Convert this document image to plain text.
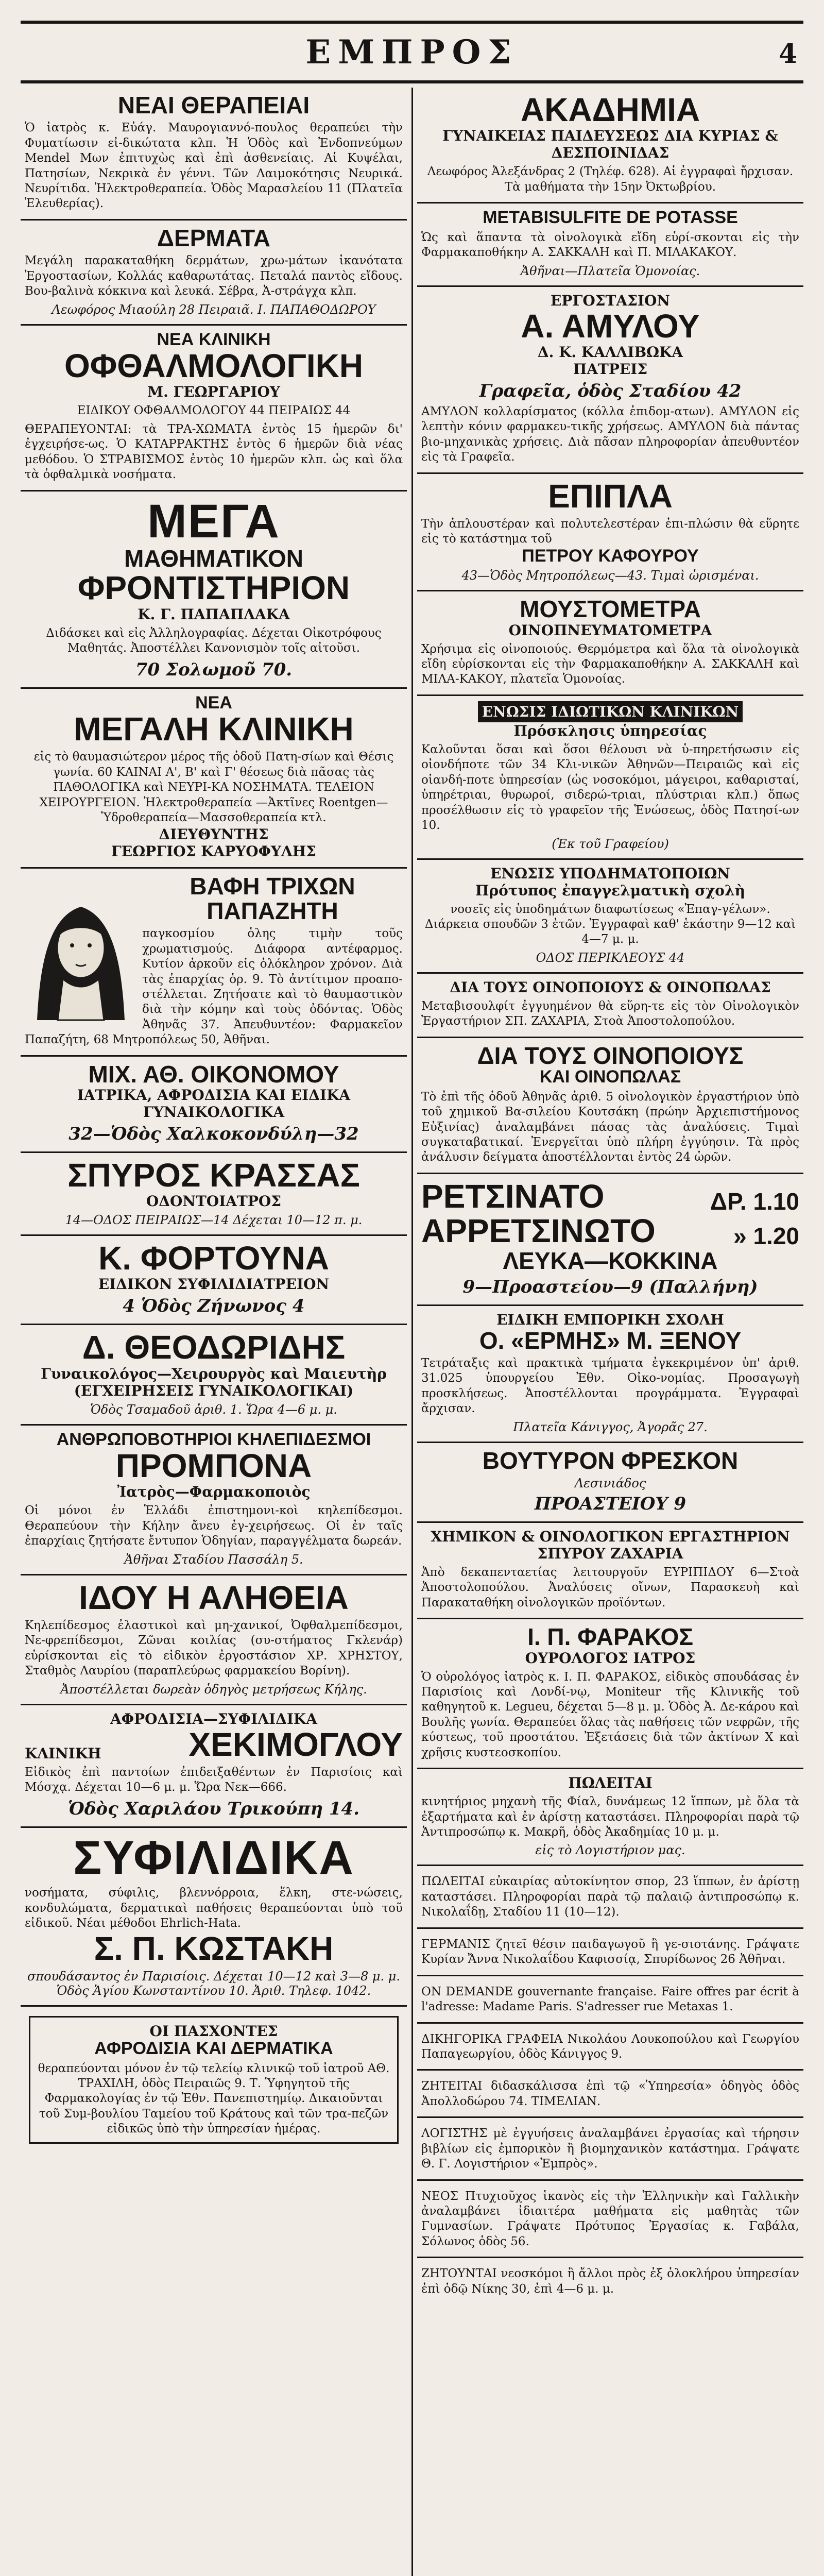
ΕΜΠΡΟΣ	4
ΝΕΑΙ ΘΕΡΑΠΕΙΑΙ
Ὁ ἰατρὸς κ. Εὐάγ. Μαυρογιαννό-πουλος θεραπεύει τὴν Φυματίωσιν εἰ-δικώτατα κλπ. Ἡ Ὁδὸς καὶ Ἐνδοπνεύμων Mendel Μων ἐπιτυχὼς καὶ ἐπὶ ἀσθενείαις. Αἱ Κυψέλαι, Πατησίων, Νεκρικὰ ἐν γέννι. Τῶν Λαιμοκότησις Νευρικά. Νευρίτιδα. Ἠλεκτροθεραπεία. Ὁδὸς Μαρασλείου 11 (Πλατεῖα Ἐλευθερίας).
ΔΕΡΜΑΤΑ
Μεγάλη παρακαταθήκη δερμάτων, χρω-μάτων ἱκανότατα Ἐργοστασίων, Κολλάς καθαρωτάτας. Πεταλά παντὸς εἴδους. Βου-βαλινὰ κόκκινα καὶ λευκά. Σέβρα, Ἀ-στράγχα κλπ.
Λεωφόρος Μιαούλη 28 Πειραιᾶ. Ι. ΠΑΠΑΘΟΔΩΡΟΥ
ΝΕΑ ΚΛΙΝΙΚΗ
ΟΦΘΑΛΜΟΛΟΓΙΚΗ
Μ. ΓΕΩΡΓΑΡΙΟΥ
ΕΙΔΙΚΟΥ ΟΦΘΑΛΜΟΛΟΓΟΥ 44 ΠΕΙΡΑΙΩΣ 44
ΘΕΡΑΠΕΥΟΝΤΑΙ: τὰ ΤΡΑ-ΧΩΜΑΤΑ ἐντὸς 15 ἡμερῶν δι' ἐγχειρήσε-ως. Ὁ ΚΑΤΑΡΡΑΚΤΗΣ ἐντὸς 6 ἡμερῶν διὰ νέας μεθόδου. Ὁ ΣΤΡΑΒΙΣΜΟΣ ἐντὸς 10 ἡμερῶν κλπ. ὡς καὶ ὅλα τὰ ὀφθαλμικὰ νοσήματα.
ΜΕΓΑ
ΜΑΘΗΜΑΤΙΚΟΝ
ΦΡΟΝΤΙΣΤΗΡΙΟΝ
Κ. Γ. ΠΑΠΑΠΛΑΚΑ
Διδάσκει καὶ εἰς Ἀλληλογραφίας. Δέχεται Οἰκοτρόφους Μαθητάς. Ἀποστέλλει Κανονισμὸν τοῖς αἰτοῦσι.
70 Σολωμοῦ 70.
ΝΕΑ
ΜΕΓΑΛΗ ΚΛΙΝΙΚΗ
εἰς τὸ θαυμασιώτερον μέρος τῆς ὁδοῦ Πατη-σίων καὶ Θέσις γωνία. 60 ΚΑΙΝΑΙ Α', Β' καὶ Γ' θέσεως διὰ πᾶσας τὰς ΠΑΘΟΛΟΓΙΚΑ καὶ ΝΕΥΡΙ-ΚΑ ΝΟΣΗΜΑΤΑ. ΤΕΛΕΙΟΝ ΧΕΙΡΟΥΡΓΕΙΟΝ. Ἠλεκτροθεραπεία —Ἀκτῖνες Roentgen— Ὑδροθεραπεία—Μασσοθεραπεία κτλ.
ΔΙΕΥΘΥΝΤΗΣ
ΓΕΩΡΓΙΟΣ ΚΑΡΥΟΦΥΛΗΣ
ΒΑΦΗ ΤΡΙΧΩΝ
ΠΑΠΑΖΗΤΗ
παγκοσμίου ὁλης τιμὴν τοῦς χρωματισμούς. Διάφορα αντέφαρμος. Κυτίον ἀρκοῦν εἰς ὁλόκληρον χρόνον. Διὰ τὰς ἐπαρχίας ὁρ. 9. Τὸ ἀντίτιμον προαπο-στέλλεται. Ζητήσατε καὶ τὸ θαυμαστικὸν διὰ τὴν κόμην καὶ τοὺς ὀδόντας. Ὁδὸς Ἀθηνᾶς 37. Ἀπευθυντέον: Φαρμακεῖον Παπαζήτη, 68 Μητροπόλεως 50, Ἀθῆναι.
ΜΙΧ. ΑΘ. ΟΙΚΟΝΟΜΟΥ
ΙΑΤΡΙΚΑ, ΑΦΡΟΔΙΣΙΑ ΚΑΙ ΕΙΔΙΚΑ ΓΥΝΑΙΚΟΛΟΓΙΚΑ
32—Ὁδὸς Χαλκοκονδύλη—32
ΣΠΥΡΟΣ ΚΡΑΣΣΑΣ
ΟΔΟΝΤΟΙΑΤΡΟΣ
14—ΟΔΟΣ ΠΕΙΡΑΙΩΣ—14 Δέχεται 10—12 π. μ.
Κ. ΦΟΡΤΟΥΝΑ
ΕΙΔΙΚΟΝ ΣΥΦΙΛΙΔΙΑΤΡΕΙΟΝ
4 Ὁδὸς Ζήνωνος 4
Δ. ΘΕΟΔΩΡΙΔΗΣ
Γυναικολόγος—Χειρουργὸς καὶ Μαιευτὴρ (ΕΓΧΕΙΡΗΣΕΙΣ ΓΥΝΑΙΚΟΛΟΓΙΚΑΙ)
Ὁδὸς Τσαμαδοῦ ἀριθ. 1. Ὥρα 4—6 μ. μ.
ΑΝΘΡΩΠΟΒΟΤΗΡΙΟΙ ΚΗΛΕΠΙΔΕΣΜΟΙ
ΠΡΟΜΠΟΝΑ
Ἰατρὸς—Φαρμακοποιὸς
Οἱ μόνοι ἐν Ἑλλάδι ἐπιστημονι-κοὶ κηλεπίδεσμοι. Θεραπεύουν τὴν Κήλην ἄνευ ἐγ-χειρήσεως. Οἱ ἐν ταῖς ἐπαρχίαις ζητήσατε ἔντυπον Ὁδηγίαν, παραγγέλματα δωρεάν.
Ἀθῆναι Σταδίου Πασσάλη 5.
ΙΔΟΥ Η ΑΛΗΘΕΙΑ
Κηλεπίδεσμος ἐλαστικοὶ καὶ μη-χανικοί, Ὀφθαλμεπίδεσμοι, Νε-φρεπίδεσμοι, Ζῶναι κοιλίας (συ-στήματος Γκλενάρ) εὑρίσκονται εἰς τὸ εἰδικὸν ἐργοστάσιον ΧΡ. ΧΡΗΣΤΟΥ, Σταθμὸς Λαυρίου (παραπλεύρως φαρμακείου Βορίνη).
Ἀποστέλλεται δωρεὰν ὁδηγὸς μετρήσεως Κήλης.
ΑΦΡΟΔΙΣΙΑ—ΣΥΦΙΛΙΔΙΚΑ
ΚΛΙΝΙΚΗ	ΧΕΚΙΜΟΓΛΟΥ
Εἰδικὸς ἐπὶ παντοίων ἐπιδειξαθέντων ἐν Παρισίοις καὶ Μόσχᾳ. Δέχεται 10—6 μ. μ. Ὥρα Νεκ—666.
Ὁδὸς Χαριλάου Τρικούπη 14.
ΣΥΦΙΛΙΔΙΚΑ
νοσήματα, σύφιλις, βλεννόρροια, ἕλκη, στε-νώσεις, κονδυλώματα, δερματικαὶ παθήσεις θεραπεύονται ὑπὸ τοῦ εἰδικοῦ. Νέαι μέθοδοι Ehrlich-Hata.
Σ. Π. ΚΩΣΤΑΚΗ
σπουδάσαντος ἐν Παρισίοις. Δέχεται 10—12 καὶ 3—8 μ. μ. Ὁδὸς Ἁγίου Κωνσταντίνου 10. Ἀριθ. Τηλεφ. 1042.
ΟΙ ΠΑΣΧΟΝΤΕΣ
ΑΦΡΟΔΙΣΙΑ ΚΑΙ ΔΕΡΜΑΤΙΚΑ
θεραπεύονται μόνον ἐν τῷ τελείῳ κλινικῷ τοῦ ἰατροῦ ΑΘ. ΤΡΑΧΙΛΗ, ὁδὸς Πειραιῶς 9. Τ. Ὑφηγητοῦ τῆς Φαρμακολογίας ἐν τῷ Ἐθν. Πανεπιστημίῳ. Δικαιοῦνται τοῦ Συμ-βουλίου Ταμείου τοῦ Κράτους καὶ τῶν τρα-πεζῶν εἰδικῶς ὑπὸ τὴν ὑπηρεσίαν ἡμέρας.
ΑΚΑΔΗΜΙΑ
ΓΥΝΑΙΚΕΙΑΣ ΠΑΙΔΕΥΣΕΩΣ ΔΙΑ ΚΥΡΙΑΣ & ΔΕΣΠΟΙΝΙΔΑΣ
Λεωφόρος Ἀλεξάνδρας 2 (Τηλέφ. 628). Αἱ ἐγγραφαὶ ἤρχισαν. Τὰ μαθήματα τὴν 15ην Ὀκτωβρίου.
METABISULFITE DE POTASSE
Ὡς καὶ ἅπαντα τὰ οἰνολογικὰ εἴδη εὑρί-σκονται εἰς τὴν Φαρμακαποθήκην Α. ΣΑΚΚΑΛΗ καὶ Π. ΜΙΛΑΚΑΚΟΥ.
Ἀθῆναι—Πλατεῖα Ὁμονοίας.
ΕΡΓΟΣΤΑΣΙΟΝ
Α. ΑΜΥΛΟΥ
Δ. Κ. ΚΑΛΛΙΒΩΚΑ
ΠΑΤΡΕΙΣ
Γραφεῖα, ὁδὸς Σταδίου 42
ΑΜΥΛΟΝ κολλαρίσματος (κόλλα ἐπιδομ-ατων). ΑΜΥΛΟΝ εἰς λεπτὴν κόνιν φαρμακευ-τικῆς χρήσεως. ΑΜΥΛΟΝ διὰ πάντας βιο-μηχανικὰς χρήσεις. Διὰ πᾶσαν πληροφορίαν ἀπευθυντέον εἰς τὰ Γραφεῖα.
ΕΠΙΠΛΑ
Τὴν ἁπλουστέραν καὶ πολυτελεστέραν ἐπι-πλώσιν θὰ εὕρητε εἰς τὸ κατάστημα τοῦ
ΠΕΤΡΟΥ ΚΑΦΟΥΡΟΥ
43—Ὁδὸς Μητροπόλεως—43. Τιμαὶ ὡρισμέναι.
ΜΟΥΣΤΟΜΕΤΡΑ
ΟΙΝΟΠΝΕΥΜΑΤΟΜΕΤΡΑ
Χρήσιμα εἰς οἰνοποιούς. Θερμόμετρα καὶ ὅλα τὰ οἰνολογικὰ εἴδη εὑρίσκονται εἰς τὴν Φαρμακαποθήκην Α. ΣΑΚΚΑΛΗ καὶ ΜΙΛΑ-ΚΑΚΟΥ, πλατεῖα Ὁμονοίας.
ΕΝΩΣΙΣ ΙΔΙΩΤΙΚΩΝ ΚΛΙΝΙΚΩΝ
Πρόσκλησις ὑπηρεσίας
Καλοῦνται ὅσαι καὶ ὅσοι θέλουσι νὰ ὑ-πηρετήσωσιν εἰς οἰονδήποτε τῶν 34 Κλι-νικῶν Ἀθηνῶν—Πειραιῶς καὶ εἰς οἱανδή-ποτε ὑπηρεσίαν (ὡς νοσοκόμοι, μάγειροι, καθαρισταί, ὑπηρέτριαι, θυρωροί, σιδερώ-τριαι, πλύστριαι κλπ.) ὅπως προσέλθωσιν εἰς τὸ γραφεῖον τῆς Ἑνώσεως, ὁδὸς Πατησί-ων 10.
(Ἐκ τοῦ Γραφείου)
ΕΝΩΣΙΣ ΥΠΟΔΗΜΑΤΟΠΟΙΩΝ
Πρότυπος ἐπαγγελματικὴ σχολὴ
νοσεῖς εἰς ὑποδημάτων διαφωτίσεως «Ἐπαγ-γέλων». Διάρκεια σπουδῶν 3 ἐτῶν. Ἐγγραφαὶ καθ' ἑκάστην 9—12 καὶ 4—7 μ. μ.
ΟΔΟΣ ΠΕΡΙΚΛΕΟΥΣ 44
ΔΙΑ ΤΟΥΣ ΟΙΝΟΠΟΙΟΥΣ & ΟΙΝΟΠΩΛΑΣ
Μεταβισουλφίτ ἐγγυημένον θὰ εὕρη-τε εἰς τὸν Οἰνολογικὸν Ἐργαστήριον ΣΠ. ΖΑΧΑΡΙΑ, Στοὰ Ἀποστολοπούλου.
ΔΙΑ ΤΟΥΣ ΟΙΝΟΠΟΙΟΥΣ
ΚΑΙ ΟΙΝΟΠΩΛΑΣ
Τὸ ἐπὶ τῆς ὁδοῦ Ἀθηνᾶς ἀριθ. 5 οἰνολογικὸν ἐργαστήριον ὑπὸ τοῦ χημικοῦ Βα-σιλείου Κουτσάκη (πρώην Ἀρχιεπιστήμονος Εὐξινίας) ἀναλαμβάνει πάσας τὰς ἀναλύσεις. Τιμαὶ συγκαταβατικαί. Ἐνεργεῖται ὑπὸ πλήρη ἐγγύησιν. Τὰ πρὸς ἀνάλυσιν δείγματα ἀποστέλλονται ἐντὸς 24 ὡρῶν.
ΡΕΤΣΙΝΑΤΟ	ΔΡ. 1.10
ΑΡΡΕΤΣΙΝΩΤΟ	» 1.20
ΛΕΥΚΑ—ΚΟΚΚΙΝΑ
9—Προαστείου—9 (Παλλήνη)
ΕΙΔΙΚΗ ΕΜΠΟΡΙΚΗ ΣΧΟΛΗ
Ο. «ΕΡΜΗΣ» Μ. ΞΕΝΟΥ
Τετράταξις καὶ πρακτικὰ τμήματα ἐγκεκριμένον ὑπ' ἀριθ. 31.025 ὑπουργείου Ἐθν. Οἰκο-νομίας. Προσαγωγὴ προσκλήσεως. Ἀποστέλλονται προγράμματα. Ἐγγραφαὶ ἄρχισαν.
Πλατεῖα Κάνιγγος, Ἀγορᾶς 27.
ΒΟΥΤΥΡΟΝ ΦΡΕΣΚΟΝ
Λεσινιάδος
ΠΡΟΑΣΤΕΙΟΥ 9
ΧΗΜΙΚΟΝ & ΟΙΝΟΛΟΓΙΚΟΝ ΕΡΓΑΣΤΗΡΙΟΝ
ΣΠΥΡΟΥ ΖΑΧΑΡΙΑ
Ἀπὸ δεκαπενταετίας λειτουργοῦν ΕΥΡΙΠΙΔΟΥ 6—Στοὰ Ἀποστολοπούλου. Ἀναλύσεις οἴνων, Παρασκευὴ καὶ Παρακαταθήκη οἰνολογικῶν προϊόντων.
Ι. Π. ΦΑΡΑΚΟΣ
ΟΥΡΟΛΟΓΟΣ ΙΑΤΡΟΣ
Ὁ οὐρολόγος ἰατρὸς κ. Ι. Π. ΦΑΡΑΚΟΣ, εἰδικὸς σπουδάσας ἐν Παρισίοις καὶ Λονδί-νῳ, Moniteur τῆς Κλινικῆς τοῦ καθηγητοῦ κ. Legueu, δέχεται 5—8 μ. μ. Ὁδὸς Ἀ. Δε-κάρου καὶ Βουλῆς γωνία. Θεραπεύει ὅλας τὰς παθήσεις τῶν νεφρῶν, τῆς κύστεως, τοῦ προστάτου. Ἐξετάσεις διὰ τῶν ἀκτίνων Χ καὶ χρῆσις κυστεοσκοπίου.
ΠΩΛΕΙΤΑΙ
κινητήριος μηχανὴ τῆς Φίαλ, δυνάμεως 12 ἵππων, μὲ ὅλα τὰ ἐξαρτήματα καὶ ἐν ἀρίστῃ καταστάσει. Πληροφορίαι παρὰ τῷ Ἀντιπροσώπῳ κ. Μακρῆ, ὁδὸς Ἀκαδημίας 10 μ. μ.
εἰς τὸ Λογιστήριον μας.
ΠΩΛΕΙΤΑΙ εὐκαιρίας αὐτοκίνητον σπορ, 23 ἵππων, ἐν ἀρίστῃ καταστάσει. Πληροφορίαι παρὰ τῷ παλαιῷ ἀντιπροσώπῳ κ. Νικολαΐδῃ, Σταδίου 11 (10—12).
ΓΕΡΜΑΝΙΣ ζητεῖ θέσιν παιδαγωγοῦ ἢ γε-σιοτάνης. Γράψατε Κυρίαν Ἄννα Νικολαΐδου Καφισσίᾳ, Σπυρίδωνος 26 Ἀθῆναι.
ON DEMANDE gouvernante française. Faire offres par écrit à l'adresse: Madame Paris. S'adresser rue Metaxas 1.
ΔΙΚΗΓΟΡΙΚΑ ΓΡΑΦΕΙΑ Νικολάου Λουκοπούλου καὶ Γεωργίου Παπαγεωργίου, ὁδὸς Κάνιγγος 9.
ΖΗΤΕΙΤΑΙ διδασκάλισσα ἐπὶ τῷ «Ὑπηρεσία» ὁδηγὸς ὁδὸς Ἀπολλοδώρου 74. ΤΙΜΕΛΙΑΝ.
ΛΟΓΙΣΤΗΣ μὲ ἐγγυήσεις ἀναλαμβάνει ἐργασίας καὶ τήρησιν βιβλίων εἰς ἐμπορικὸν ἢ βιομηχανικὸν κατάστημα. Γράψατε Θ. Γ. Λογιστήριον «Ἐμπρὸς».
ΝΕΟΣ Πτυχιοῦχος ἱκανὸς εἰς τὴν Ἑλληνικὴν καὶ Γαλλικὴν ἀναλαμβάνει ἰδιαιτέρα μαθήματα εἰς μαθητὰς τῶν Γυμνασίων. Γράψατε Πρότυπος Ἐργασίας κ. Γαβάλα, Σόλωνος ὁδὸς 56.
ΖΗΤΟΥΝΤΑΙ νεοσκόμοι ἢ ἄλλοι πρὸς ἐξ ὁλοκλήρου ὑπηρεσίαν ἐπὶ ὁδῷ Νίκης 30, ἐπὶ 4—6 μ. μ.
